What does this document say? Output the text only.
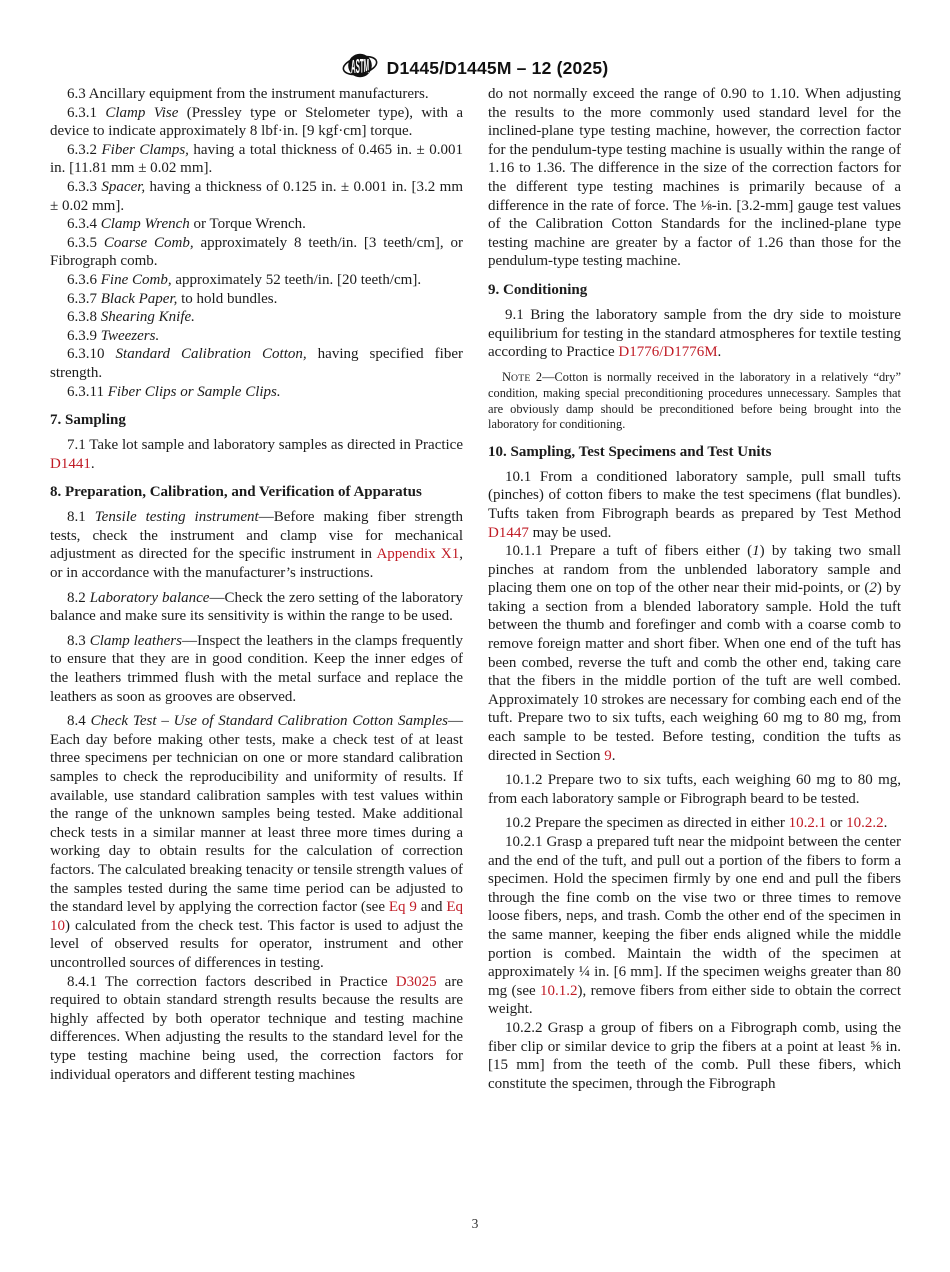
ASTM D1445/D1445M – 12 (2025)

6.3 Ancillary equipment from the instrument manufacturers.

6.3.1 Clamp Vise (Pressley type or Stelometer type), with a device to indicate approximately 8 lbf·in. [9 kgf·cm] torque.

6.3.2 Fiber Clamps, having a total thickness of 0.465 in. ± 0.001 in. [11.81 mm ± 0.02 mm].

6.3.3 Spacer, having a thickness of 0.125 in. ± 0.001 in. [3.2 mm ± 0.02 mm].

6.3.4 Clamp Wrench or Torque Wrench.

6.3.5 Coarse Comb, approximately 8 teeth/in. [3 teeth/cm], or Fibrograph comb.

6.3.6 Fine Comb, approximately 52 teeth/in. [20 teeth/cm].

6.3.7 Black Paper, to hold bundles.

6.3.8 Shearing Knife.

6.3.9 Tweezers.

6.3.10 Standard Calibration Cotton, having specified fiber strength.

6.3.11 Fiber Clips or Sample Clips.

7. Sampling

7.1 Take lot sample and laboratory samples as directed in Practice D1441.

8. Preparation, Calibration, and Verification of Apparatus

8.1 Tensile testing instrument—Before making fiber strength tests, check the instrument and clamp vise for mechanical adjustment as directed for the specific instrument in Appendix X1, or in accordance with the manufacturer’s instructions.

8.2 Laboratory balance—Check the zero setting of the laboratory balance and make sure its sensitivity is within the range to be used.

8.3 Clamp leathers—Inspect the leathers in the clamps frequently to ensure that they are in good condition. Keep the inner edges of the leathers trimmed flush with the metal surface and replace the leathers as soon as grooves are observed.

8.4 Check Test – Use of Standard Calibration Cotton Samples—Each day before making other tests, make a check test of at least three specimens per technician on one or more standard calibration samples to check the reproducibility and uniformity of results. If available, use standard calibration samples with test values within the range of the unknown samples being tested. Make additional check tests in a similar manner at least three more times during a working day to obtain results for the calculation of correction factors. The calculated breaking tenacity or tensile strength values of the samples tested during the same time period can be adjusted to the standard level by applying the correction factor (see Eq 9 and Eq 10) calculated from the check test. This factor is used to adjust the level of observed results for operator, instrument and other uncontrolled sources of differences in testing.

8.4.1 The correction factors described in Practice D3025 are required to obtain standard strength results because the results are highly affected by both operator technique and testing machine differences. When adjusting the results to the standard level for the type testing machine being used, the correction factors for individual operators and different testing machines

do not normally exceed the range of 0.90 to 1.10. When adjusting the results to the more commonly used standard level for the inclined-plane type testing machine, however, the correction factor for the pendulum-type testing machine is usually within the range of 1.16 to 1.36. The difference in the size of the correction factors for the different type testing machines is primarily because of a difference in the rate of force. The ⅛-in. [3.2-mm] gauge test values of the Calibration Cotton Standards for the inclined-plane type testing machine are greater by a factor of 1.26 than those for the pendulum-type testing machine.

9. Conditioning

9.1 Bring the laboratory sample from the dry side to moisture equilibrium for testing in the standard atmospheres for textile testing according to Practice D1776/D1776M.

NOTE 2—Cotton is normally received in the laboratory in a relatively “dry” condition, making special preconditioning procedures unnecessary. Samples that are obviously damp should be preconditioned before being brought into the laboratory for conditioning.

10. Sampling, Test Specimens and Test Units

10.1 From a conditioned laboratory sample, pull small tufts (pinches) of cotton fibers to make the test specimens (flat bundles). Tufts taken from Fibrograph beards as prepared by Test Method D1447 may be used.

10.1.1 Prepare a tuft of fibers either (1) by taking two small pinches at random from the unblended laboratory sample and placing them one on top of the other near their mid-points, or (2) by taking a section from a blended laboratory sample. Hold the tuft between the thumb and forefinger and comb with a coarse comb to remove foreign matter and short fiber. When one end of the tuft has been combed, reverse the tuft and comb the other end, taking care that the fibers in the middle portion of the tuft are well combed. Approximately 10 strokes are necessary for combing each end of the tuft. Prepare two to six tufts, each weighing 60 mg to 80 mg, from each sample to be tested. Before testing, condition the tufts as directed in Section 9.

10.1.2 Prepare two to six tufts, each weighing 60 mg to 80 mg, from each laboratory sample or Fibrograph beard to be tested.

10.2 Prepare the specimen as directed in either 10.2.1 or 10.2.2.

10.2.1 Grasp a prepared tuft near the midpoint between the center and the end of the tuft, and pull out a portion of the fibers to form a specimen. Hold the specimen firmly by one end and pull the fibers through the fine comb on the vise two or three times to remove loose fibers, neps, and trash. Comb the other end of the specimen in the same manner, keeping the fiber ends aligned while the middle portion is combed. Maintain the width of the specimen at approximately ¼ in. [6 mm]. If the specimen weighs greater than 80 mg (see 10.1.2), remove fibers from either side to obtain the correct weight.

10.2.2 Grasp a group of fibers on a Fibrograph comb, using the fiber clip or similar device to grip the fibers at a point at least ⅝ in. [15 mm] from the teeth of the comb. Pull these fibers, which constitute the specimen, through the Fibrograph

3
